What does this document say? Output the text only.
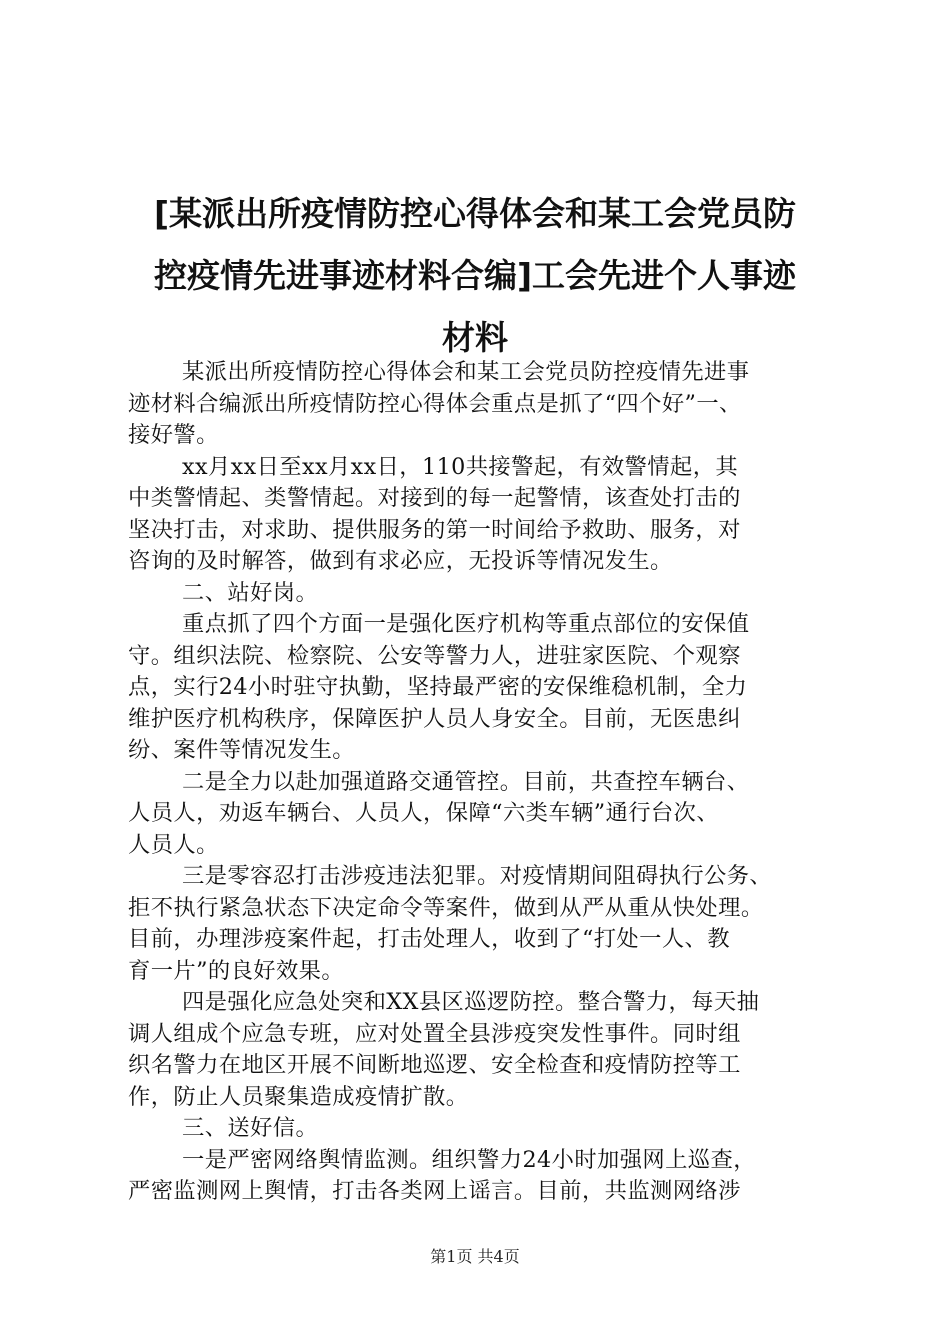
[某派出所疫情防控心得体会和某工会党员防
控疫情先进事迹材料合编]工会先进个人事迹
材料
某派出所疫情防控心得体会和某工会党员防控疫情先进事
迹材料合编派出所疫情防控心得体会重点是抓了“四个好”一、
接好警。
xx月xx日至xx月xx日，110共接警起，有效警情起，其
中类警情起、类警情起。对接到的每一起警情，该查处打击的
坚决打击，对求助、提供服务的第一时间给予救助、服务，对
咨询的及时解答，做到有求必应，无投诉等情况发生。
二、站好岗。
重点抓了四个方面一是强化医疗机构等重点部位的安保值
守。组织法院、检察院、公安等警力人，进驻家医院、个观察
点，实行24小时驻守执勤，坚持最严密的安保维稳机制，全力
维护医疗机构秩序，保障医护人员人身安全。目前，无医患纠
纷、案件等情况发生。
二是全力以赴加强道路交通管控。目前，共查控车辆台、
人员人，劝返车辆台、人员人，保障“六类车辆”通行台次、
人员人。
三是零容忍打击涉疫违法犯罪。对疫情期间阻碍执行公务、
拒不执行紧急状态下决定命令等案件，做到从严从重从快处理。
目前，办理涉疫案件起，打击处理人，收到了“打处一人、教
育一片”的良好效果。
四是强化应急处突和XX县区巡逻防控。整合警力，每天抽
调人组成个应急专班，应对处置全县涉疫突发性事件。同时组
织名警力在地区开展不间断地巡逻、安全检查和疫情防控等工
作，防止人员聚集造成疫情扩散。
三、送好信。
一是严密网络舆情监测。组织警力24小时加强网上巡查，
严密监测网上舆情，打击各类网上谣言。目前，共监测网络涉
第1页 共4页
